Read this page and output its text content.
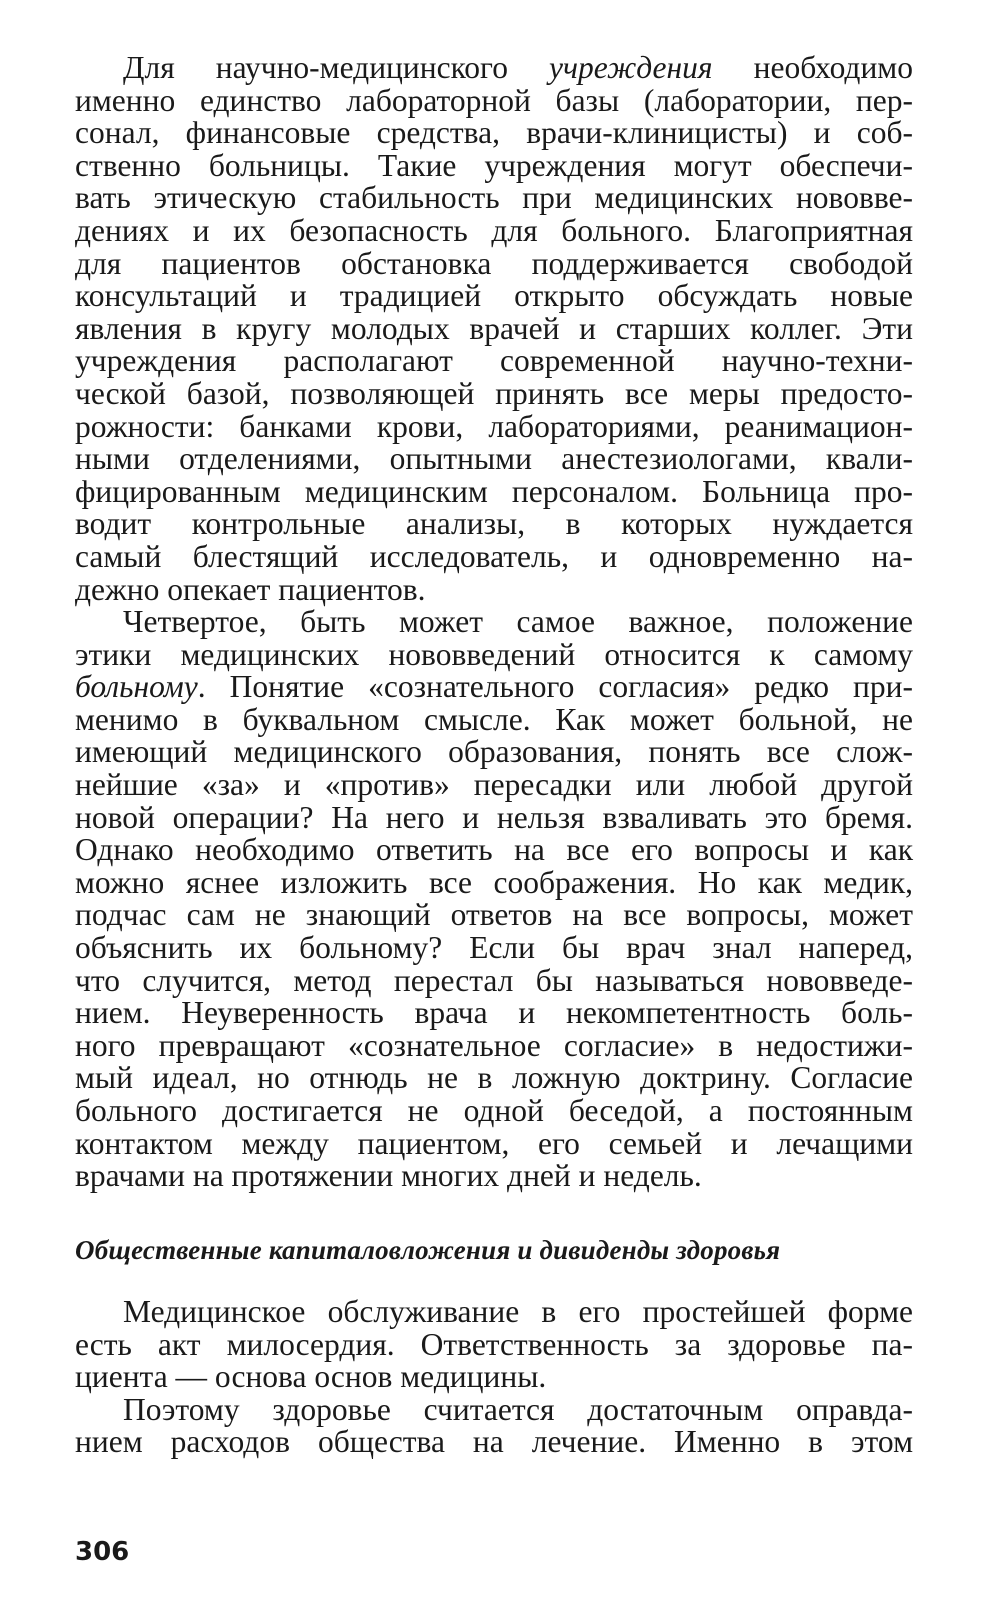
Для научно-медицинского учреждения необходимо
именно единство лабораторной базы (лаборатории, пер-
сонал, финансовые средства, врачи-клиницисты) и соб-
ственно больницы. Такие учреждения могут обеспечи-
вать этическую стабильность при медицинских нововве-
дениях и их безопасность для больного. Благоприятная
для пациентов обстановка поддерживается свободой
консультаций и традицией открыто обсуждать новые
явления в кругу молодых врачей и старших коллег. Эти
учреждения располагают современной научно-техни-
ческой базой, позволяющей принять все меры предосто-
рожности: банками крови, лабораториями, реанимацион-
ными отделениями, опытными анестезиологами, квали-
фицированным медицинским персоналом. Больница про-
водит контрольные анализы, в которых нуждается
самый блестящий исследователь, и одновременно на-
дежно опекает пациентов.
Четвертое, быть может самое важное, положение
этики медицинских нововведений относится к самому
больному. Понятие «сознательного согласия» редко при-
менимо в буквальном смысле. Как может больной, не
имеющий медицинского образования, понять все слож-
нейшие «за» и «против» пересадки или любой другой
новой операции? На него и нельзя взваливать это бремя.
Однако необходимо ответить на все его вопросы и как
можно яснее изложить все соображения. Но как медик,
подчас сам не знающий ответов на все вопросы, может
объяснить их больному? Если бы врач знал наперед,
что случится, метод перестал бы называться нововведе-
нием. Неуверенность врача и некомпетентность боль-
ного превращают «сознательное согласие» в недостижи-
мый идеал, но отнюдь не в ложную доктрину. Согласие
больного достигается не одной беседой, а постоянным
контактом между пациентом, его семьей и лечащими
врачами на протяжении многих дней и недель.
Общественные капиталовложения и дивиденды здоровья
Медицинское обслуживание в его простейшей форме
есть акт милосердия. Ответственность за здоровье па-
циента — основа основ медицины.
Поэтому здоровье считается достаточным оправда-
нием расходов общества на лечение. Именно в этом

306
